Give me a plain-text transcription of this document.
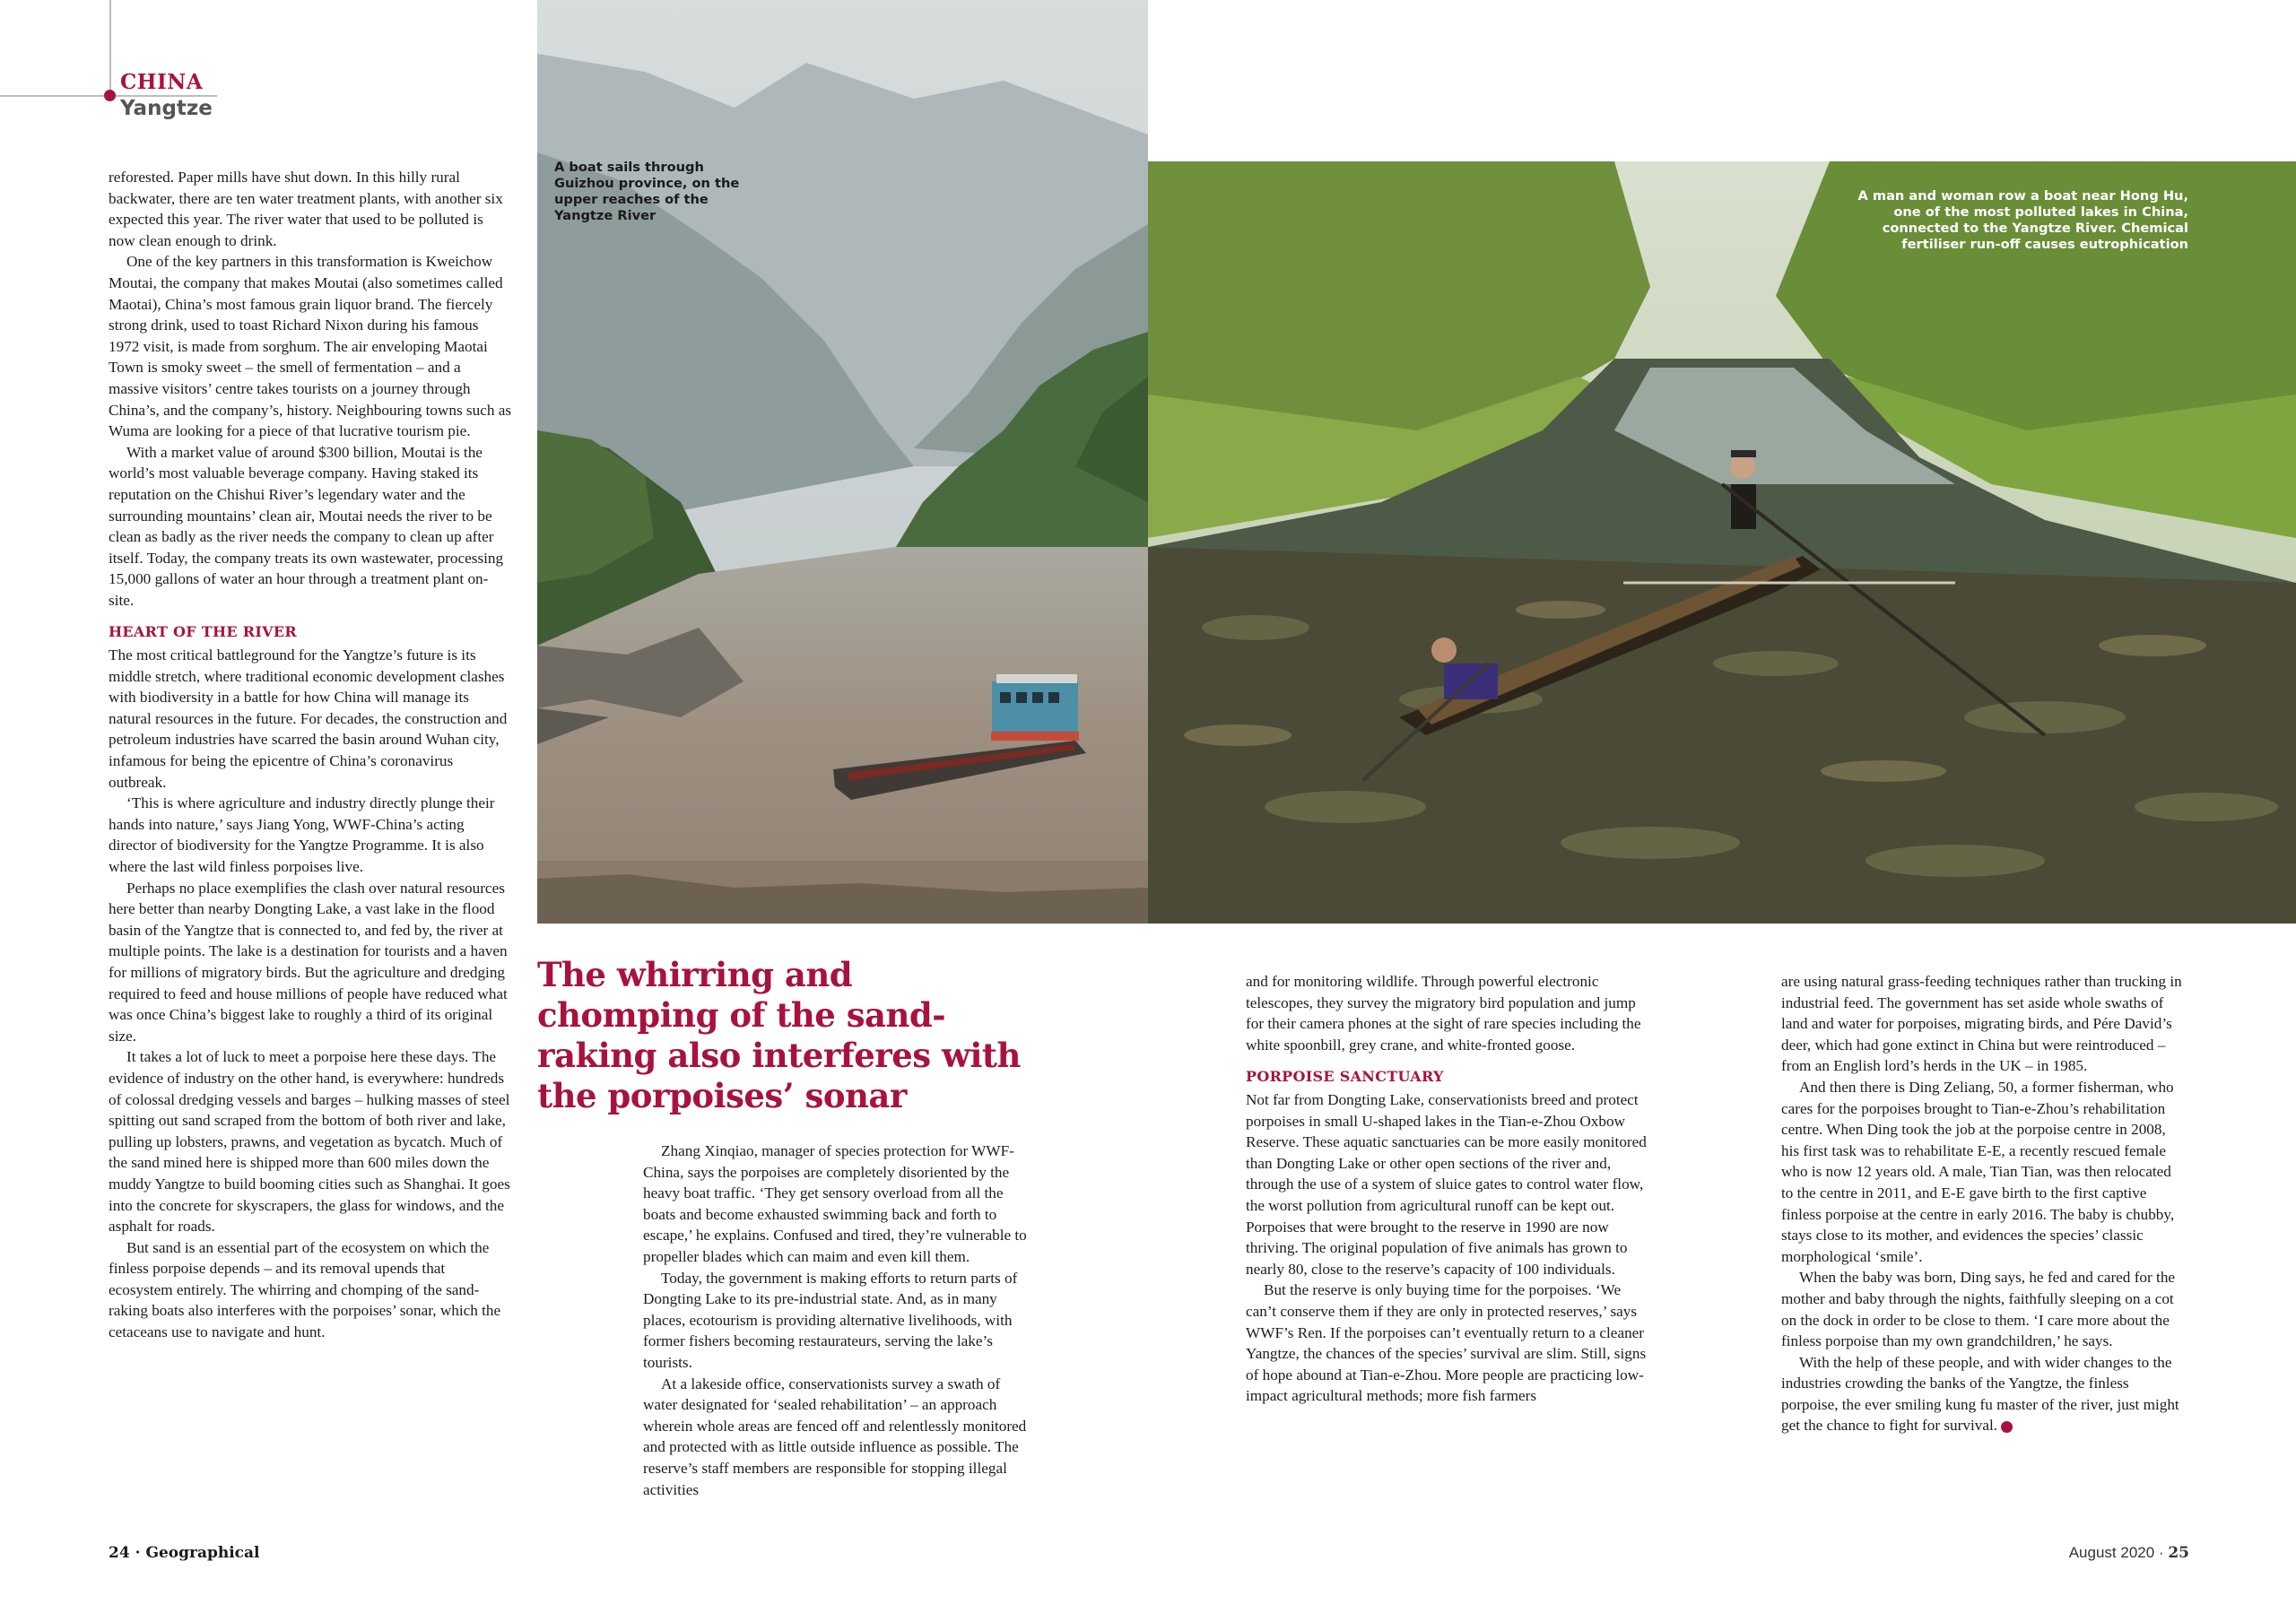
CHINA
Yangtze
A boat sails through Guizhou province, on the upper reaches of the Yangtze River
A man and woman row a boat near Hong Hu, one of the most polluted lakes in China, connected to the Yangtze River. Chemical fertiliser run-off causes eutrophication
The whirring and chomping of the sand-raking also interferes with the porpoises’ sonar

reforested. Paper mills have shut down. In this hilly rural backwater, there are ten water treatment plants, with another six expected this year. The river water that used to be polluted is now clean enough to drink.

One of the key partners in this transformation is Kweichow Moutai, the company that makes Moutai (also sometimes called Maotai), China’s most famous grain liquor brand. The fiercely strong drink, used to toast Richard Nixon during his famous 1972 visit, is made from sorghum. The air enveloping Maotai Town is smoky sweet – the smell of fermentation – and a massive visitors’ centre takes tourists on a journey through China’s, and the company’s, history. Neighbouring towns such as Wuma are looking for a piece of that lucrative tourism pie.

With a market value of around $300 billion, Moutai is the world’s most valuable beverage company. Having staked its reputation on the Chishui River’s legendary water and the surrounding mountains’ clean air, Moutai needs the river to be clean as badly as the river needs the company to clean up after itself. Today, the company treats its own wastewater, processing 15,000 gallons of water an hour through a treatment plant on-site.

HEART OF THE RIVER

The most critical battleground for the Yangtze’s future is its middle stretch, where traditional economic development clashes with biodiversity in a battle for how China will manage its natural resources in the future. For decades, the construction and petroleum industries have scarred the basin around Wuhan city, infamous for being the epicentre of China’s coronavirus outbreak.

‘This is where agriculture and industry directly plunge their hands into nature,’ says Jiang Yong, WWF-China’s acting director of biodiversity for the Yangtze Programme. It is also where the last wild finless porpoises live.

Perhaps no place exemplifies the clash over natural resources here better than nearby Dongting Lake, a vast lake in the flood basin of the Yangtze that is connected to, and fed by, the river at multiple points. The lake is a destination for tourists and a haven for millions of migratory birds. But the agriculture and dredging required to feed and house millions of people have reduced what was once China’s biggest lake to roughly a third of its original size.

It takes a lot of luck to meet a porpoise here these days. The evidence of industry on the other hand, is everywhere: hundreds of colossal dredging vessels and barges – hulking masses of steel spitting out sand scraped from the bottom of both river and lake, pulling up lobsters, prawns, and vegetation as bycatch. Much of the sand mined here is shipped more than 600 miles down the muddy Yangtze to build booming cities such as Shanghai. It goes into the concrete for skyscrapers, the glass for windows, and the asphalt for roads.

But sand is an essential part of the ecosystem on which the finless porpoise depends – and its removal upends that ecosystem entirely. The whirring and chomping of the sand-raking boats also interferes with the porpoises’ sonar, which the cetaceans use to navigate and hunt.

Zhang Xinqiao, manager of species protection for WWF-China, says the porpoises are completely disoriented by the heavy boat traffic. ‘They get sensory overload from all the boats and become exhausted swimming back and forth to escape,’ he explains. Confused and tired, they’re vulnerable to propeller blades which can maim and even kill them.

Today, the government is making efforts to return parts of Dongting Lake to its pre-industrial state. And, as in many places, ecotourism is providing alternative livelihoods, with former fishers becoming restaurateurs, serving the lake’s tourists.

At a lakeside office, conservationists survey a swath of water designated for ‘sealed rehabilitation’ – an approach wherein whole areas are fenced off and relentlessly monitored and protected with as little outside influence as possible. The reserve’s staff members are responsible for stopping illegal activities

and for monitoring wildlife. Through powerful electronic telescopes, they survey the migratory bird population and jump for their camera phones at the sight of rare species including the white spoonbill, grey crane, and white-fronted goose.

PORPOISE SANCTUARY

Not far from Dongting Lake, conservationists breed and protect porpoises in small U-shaped lakes in the Tian-e-Zhou Oxbow Reserve. These aquatic sanctuaries can be more easily monitored than Dongting Lake or other open sections of the river and, through the use of a system of sluice gates to control water flow, the worst pollution from agricultural runoff can be kept out. Porpoises that were brought to the reserve in 1990 are now thriving. The original population of five animals has grown to nearly 80, close to the reserve’s capacity of 100 individuals.

But the reserve is only buying time for the porpoises. ‘We can’t conserve them if they are only in protected reserves,’ says WWF’s Ren. If the porpoises can’t eventually return to a cleaner Yangtze, the chances of the species’ survival are slim. Still, signs of hope abound at Tian-e-Zhou. More people are practicing low-impact agricultural methods; more fish farmers

are using natural grass-feeding techniques rather than trucking in industrial feed. The government has set aside whole swaths of land and water for porpoises, migrating birds, and Pére David’s deer, which had gone extinct in China but were reintroduced – from an English lord’s herds in the UK – in 1985.

And then there is Ding Zeliang, 50, a former fisherman, who cares for the porpoises brought to Tian-e-Zhou’s rehabilitation centre. When Ding took the job at the porpoise centre in 2008, his first task was to rehabilitate E-E, a recently rescued female who is now 12 years old. A male, Tian Tian, was then relocated to the centre in 2011, and E-E gave birth to the first captive finless porpoise at the centre in early 2016. The baby is chubby, stays close to its mother, and evidences the species’ classic morphological ‘smile’.

When the baby was born, Ding says, he fed and cared for the mother and baby through the nights, faithfully sleeping on a cot on the dock in order to be close to them. ‘I care more about the finless porpoise than my own grandchildren,’ he says.

With the help of these people, and with wider changes to the industries crowding the banks of the Yangtze, the finless porpoise, the ever smiling kung fu master of the river, just might get the chance to fight for survival.

24 · Geographical	August 2020 · 25
